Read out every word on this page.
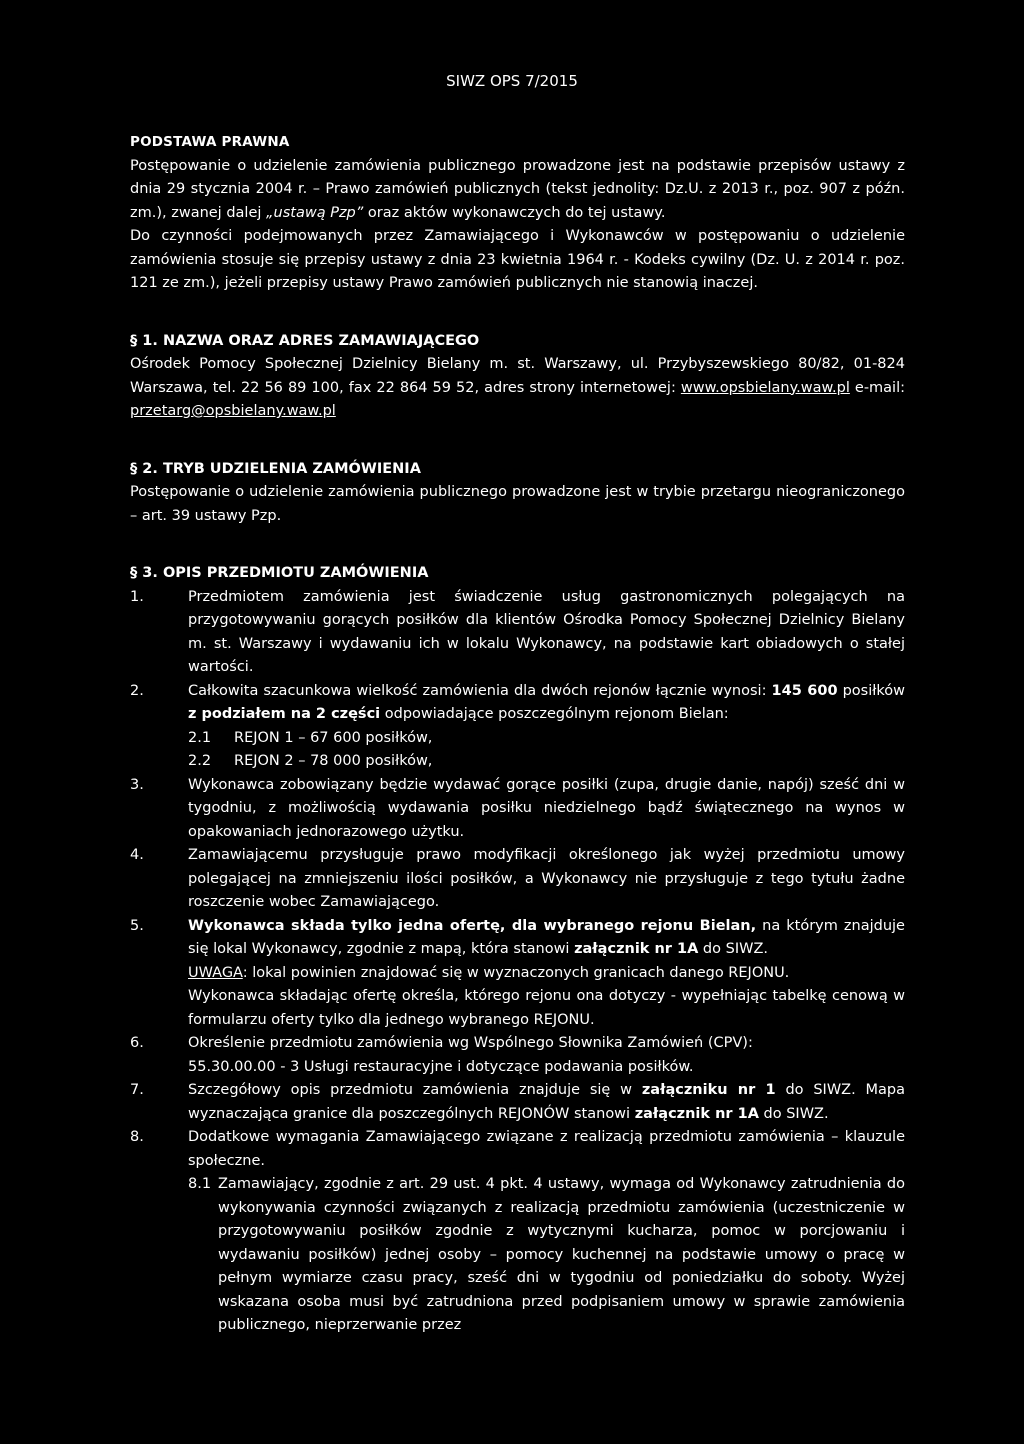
SIWZ OPS 7/2015
PODSTAWA PRAWNA
Postępowanie o udzielenie zamówienia publicznego prowadzone jest na podstawie przepisów ustawy z dnia 29 stycznia 2004 r. – Prawo zamówień publicznych (tekst jednolity: Dz.U. z 2013 r., poz. 907 z późn. zm.), zwanej dalej „ustawą Pzp” oraz aktów wykonawczych do tej ustawy.
Do czynności podejmowanych przez Zamawiającego i Wykonawców w postępowaniu o udzielenie zamówienia stosuje się przepisy ustawy z dnia 23 kwietnia 1964 r. - Kodeks cywilny (Dz. U. z 2014 r. poz. 121 ze zm.), jeżeli przepisy ustawy Prawo zamówień publicznych nie stanowią inaczej.
§ 1. NAZWA ORAZ ADRES ZAMAWIAJĄCEGO
Ośrodek Pomocy Społecznej Dzielnicy Bielany m. st. Warszawy, ul. Przybyszewskiego 80/82, 01-824 Warszawa, tel. 22 56 89 100, fax 22 864 59 52, adres strony internetowej: www.opsbielany.waw.pl e-mail: przetarg@opsbielany.waw.pl
§ 2. TRYB UDZIELENIA ZAMÓWIENIA
Postępowanie o udzielenie zamówienia publicznego prowadzone jest w trybie przetargu nieograniczonego – art. 39 ustawy Pzp.
§ 3. OPIS PRZEDMIOTU ZAMÓWIENIA
1.	Przedmiotem zamówienia jest świadczenie usług gastronomicznych polegających na przygotowywaniu gorących posiłków dla klientów Ośrodka Pomocy Społecznej Dzielnicy Bielany m. st. Warszawy i wydawaniu ich w lokalu Wykonawcy, na podstawie kart obiadowych o stałej wartości.
2.	Całkowita szacunkowa wielkość zamówienia dla dwóch rejonów łącznie wynosi: 145 600 posiłków z podziałem na 2 części odpowiadające poszczególnym rejonom Bielan:
2.1	REJON 1 – 67 600 posiłków,
2.2	REJON 2 – 78 000 posiłków,
3.	Wykonawca zobowiązany będzie wydawać gorące posiłki (zupa, drugie danie, napój) sześć dni w tygodniu, z możliwością wydawania posiłku niedzielnego bądź świątecznego na wynos w opakowaniach jednorazowego użytku.
4.	Zamawiającemu przysługuje prawo modyfikacji określonego jak wyżej przedmiotu umowy polegającej na zmniejszeniu ilości posiłków, a Wykonawcy nie przysługuje z tego tytułu żadne roszczenie wobec Zamawiającego.
5.	Wykonawca składa tylko jedna ofertę, dla wybranego rejonu Bielan, na którym znajduje się lokal Wykonawcy, zgodnie z mapą, która stanowi załącznik nr 1A do SIWZ.
UWAGA: lokal powinien znajdować się w wyznaczonych granicach danego REJONU.
Wykonawca składając ofertę określa, którego rejonu ona dotyczy - wypełniając tabelkę cenową w formularzu oferty tylko dla jednego wybranego REJONU.
6.	Określenie przedmiotu zamówienia wg Wspólnego Słownika Zamówień (CPV):
55.30.00.00 - 3 Usługi restauracyjne i dotyczące podawania posiłków.
7.	Szczegółowy opis przedmiotu zamówienia znajduje się w załączniku nr 1 do SIWZ. Mapa wyznaczająca granice dla poszczególnych REJONÓW stanowi załącznik nr 1A do SIWZ.
8.	Dodatkowe wymagania Zamawiającego związane z realizacją przedmiotu zamówienia – klauzule społeczne.
8.1 Zamawiający, zgodnie z art. 29 ust. 4 pkt. 4 ustawy, wymaga od Wykonawcy zatrudnienia do wykonywania czynności związanych z realizacją przedmiotu zamówienia (uczestniczenie w przygotowywaniu posiłków zgodnie z wytycznymi kucharza, pomoc w porcjowaniu i wydawaniu posiłków) jednej osoby – pomocy kuchennej na podstawie umowy o pracę w pełnym wymiarze czasu pracy, sześć dni w tygodniu od poniedziałku do soboty. Wyżej wskazana osoba musi być zatrudniona przed podpisaniem umowy w sprawie zamówienia publicznego, nieprzerwanie przez
